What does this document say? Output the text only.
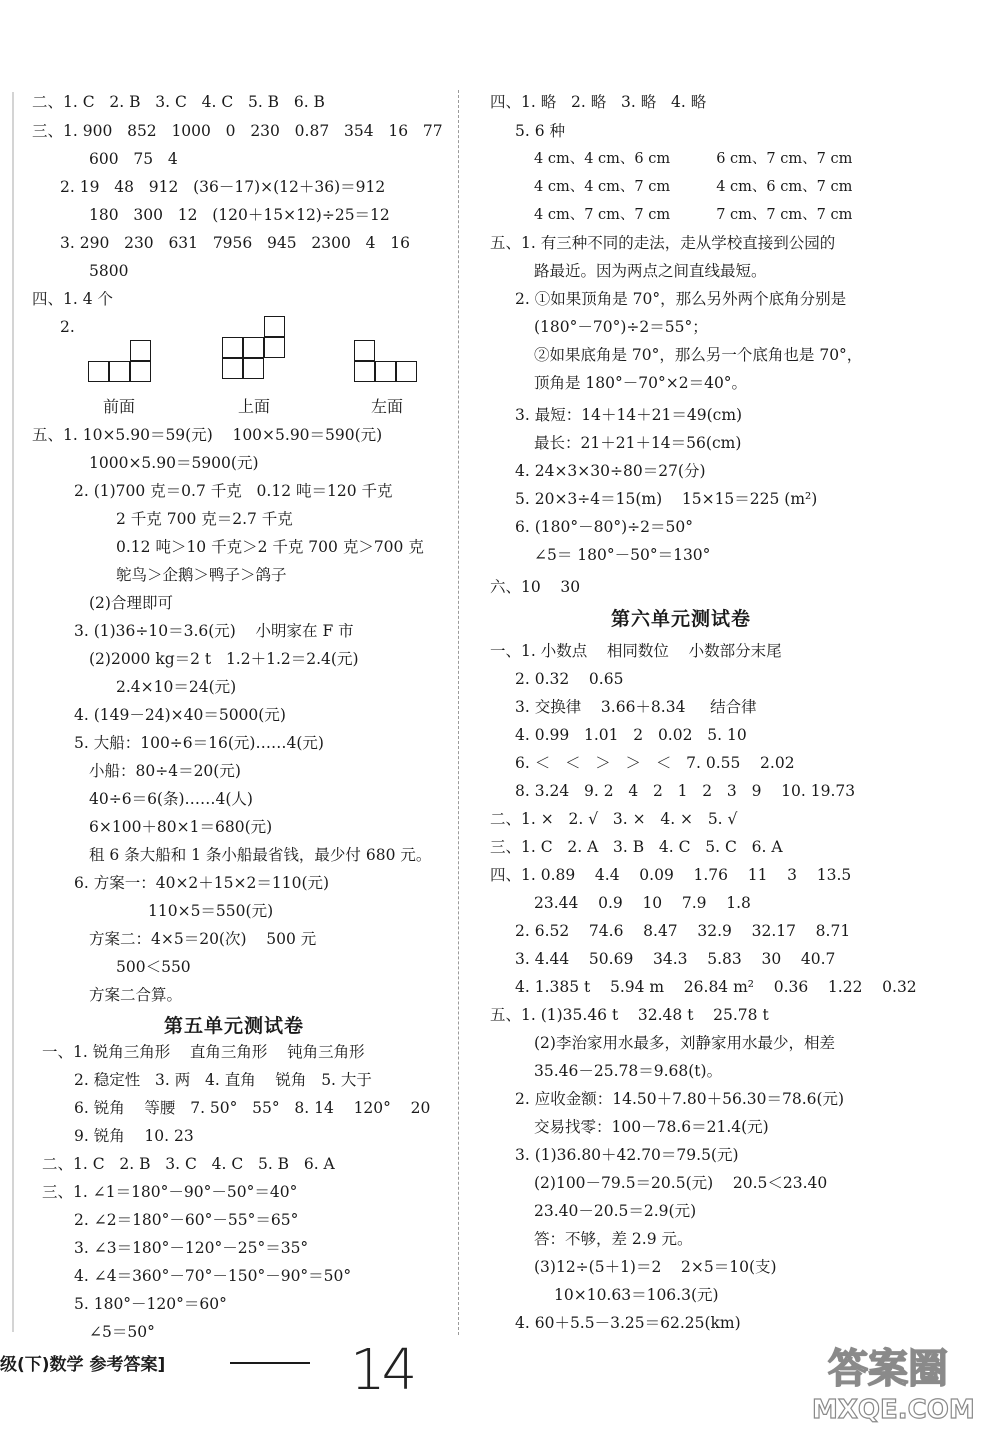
二、1. C   2. B   3. C   4. C   5. B   6. B
三、1. 900   852   1000   0   230   0.87   354   16   77
600   75   4
2. 19   48   912   (36－17)×(12＋36)＝912
180   300   12   (120＋15×12)÷25＝12
3. 290   230   631   7956   945   2300   4   16
5800
四、1. 4 个
2.
前面	上面	左面
五、1. 10×5.90＝59(元)    100×5.90＝590(元)
1000×5.90＝5900(元)
2. (1)700 克＝0.7 千克   0.12 吨＝120 千克
2 千克 700 克＝2.7 千克
0.12 吨＞10 千克＞2 千克 700 克＞700 克
鸵鸟＞企鹅＞鸭子＞鸽子
(2)合理即可
3. (1)36÷10＝3.6(元)    小明家在 F 市
(2)2000 kg＝2 t   1.2＋1.2＝2.4(元)
2.4×10＝24(元)
4. (149－24)×40＝5000(元)
5. 大船：100÷6＝16(元)……4(元)
小船：80÷4＝20(元)
40÷6＝6(条)……4(人)
6×100＋80×1＝680(元)
租 6 条大船和 1 条小船最省钱，最少付 680 元。
6. 方案一：40×2＋15×2＝110(元)
110×5＝550(元)
方案二：4×5＝20(次)    500 元
500＜550
方案二合算。
第五单元测试卷
一、1. 锐角三角形    直角三角形    钝角三角形
2. 稳定性   3. 两   4. 直角    锐角   5. 大于
6. 锐角    等腰   7. 50°   55°   8. 14    120°    20
9. 锐角    10. 23
二、1. C   2. B   3. C   4. C   5. B   6. A
三、1. ∠1＝180°－90°－50°＝40°
2. ∠2＝180°－60°－55°＝65°
3. ∠3＝180°－120°－25°＝35°
4. ∠4＝360°－70°－150°－90°＝50°
5. 180°－120°＝60°
∠5＝50°
四、1. 略   2. 略   3. 略   4. 略
5. 6 种
4 cm、4 cm、6 cm          6 cm、7 cm、7 cm
4 cm、4 cm、7 cm          4 cm、6 cm、7 cm
4 cm、7 cm、7 cm          7 cm、7 cm、7 cm
五、1. 有三种不同的走法，走从学校直接到公园的
路最近。因为两点之间直线最短。
2. ①如果顶角是 70°，那么另外两个底角分别是
(180°－70°)÷2＝55°；
②如果底角是 70°，那么另一个底角也是 70°，
顶角是 180°－70°×2＝40°。
3. 最短：14＋14＋21＝49(cm)
最长：21＋21＋14＝56(cm)
4. 24×3×30÷80＝27(分)
5. 20×3÷4＝15(m)    15×15＝225 (m²)
6. (180°－80°)÷2＝50°
∠5＝ 180°－50°＝130°
六、10    30
第六单元测试卷
一、1. 小数点    相同数位    小数部分末尾
2. 0.32    0.65
3. 交换律    3.66＋8.34     结合律
4. 0.99   1.01   2   0.02   5. 10
6. ＜   ＜   ＞   ＞   ＜   7. 0.55    2.02
8. 3.24   9. 2   4   2   1   2   3   9    10. 19.73
二、1. ×   2. √   3. ×   4. ×   5. √
三、1. C   2. A   3. B   4. C   5. C   6. A
四、1. 0.89    4.4    0.09    1.76    11    3    13.5
23.44    0.9    10    7.9    1.8
2. 6.52    74.6    8.47    32.9    32.17    8.71
3. 4.44    50.69    34.3    5.83    30    40.7
4. 1.385 t    5.94 m    26.84 m²    0.36    1.22    0.32
五、1. (1)35.46 t    32.48 t    25.78 t
(2)李治家用水最多，刘静家用水最少，相差
35.46－25.78＝9.68(t)。
2. 应收金额：14.50＋7.80＋56.30＝78.6(元)
交易找零：100－78.6＝21.4(元)
3. (1)36.80＋42.70＝79.5(元)
(2)100－79.5＝20.5(元)    20.5＜23.40
23.40－20.5＝2.9(元)
答：不够，差 2.9 元。
(3)12÷(5＋1)＝2    2×5＝10(支)
10×10.63＝106.3(元)
4. 60＋5.5－3.25＝62.25(km)
级(下)数学 参考答案]	14	答案圈
MXQE.COM
